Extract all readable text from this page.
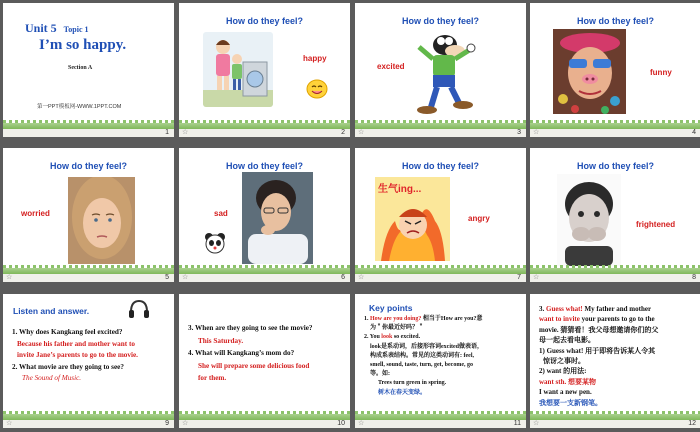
Unit 5 Topic 1
I’m so happy.
Section A
第一PPT模板网-WWW.1PPT.COM
1
How do they feel?
happy
☆	2
How do they feel?
excited
☆	3
How do they feel?
funny
☆	4
How do they feel?
worried
☆	5
How do they feel?
sad
☆	6
How do they feel?
生气ing...
angry
☆	7
How do they feel?
frightened
☆	8
Listen and answer.
1. Why does Kangkang feel excited?
Because his father and mother want to
invite Jane’s parents to go to the movie.
2. What movie are they going to see?
The Sound of Music.
☆	9
3. When are they going to see the movie?
This Saturday.
4. What will Kangkang’s mom do?
She will prepare some delicious food
for them.
☆	10
Key points
1. How are you doing? 相当于How are you?意
为＂你最近好吗？＂
2. You look so excited.
look是系动词，后接形容词excited做表语，
构成系表结构。常见的这类动词有: feel,
smell, sound, taste, turn, get, become, go
等。如:
Trees turn green in spring.
树木在春天变绿。
☆	11
3. Guess what! My father and mother
want to invite your parents to go to the
movie. 猜猜看！我父母想邀请你们的父
母一起去看电影。
1) Guess what! 用于即将告诉某人令其
惊讶之事时。
2) want 的用法:
want sth. 想要某物
I want a new pen.
我想要一支新钢笔。
☆	12
